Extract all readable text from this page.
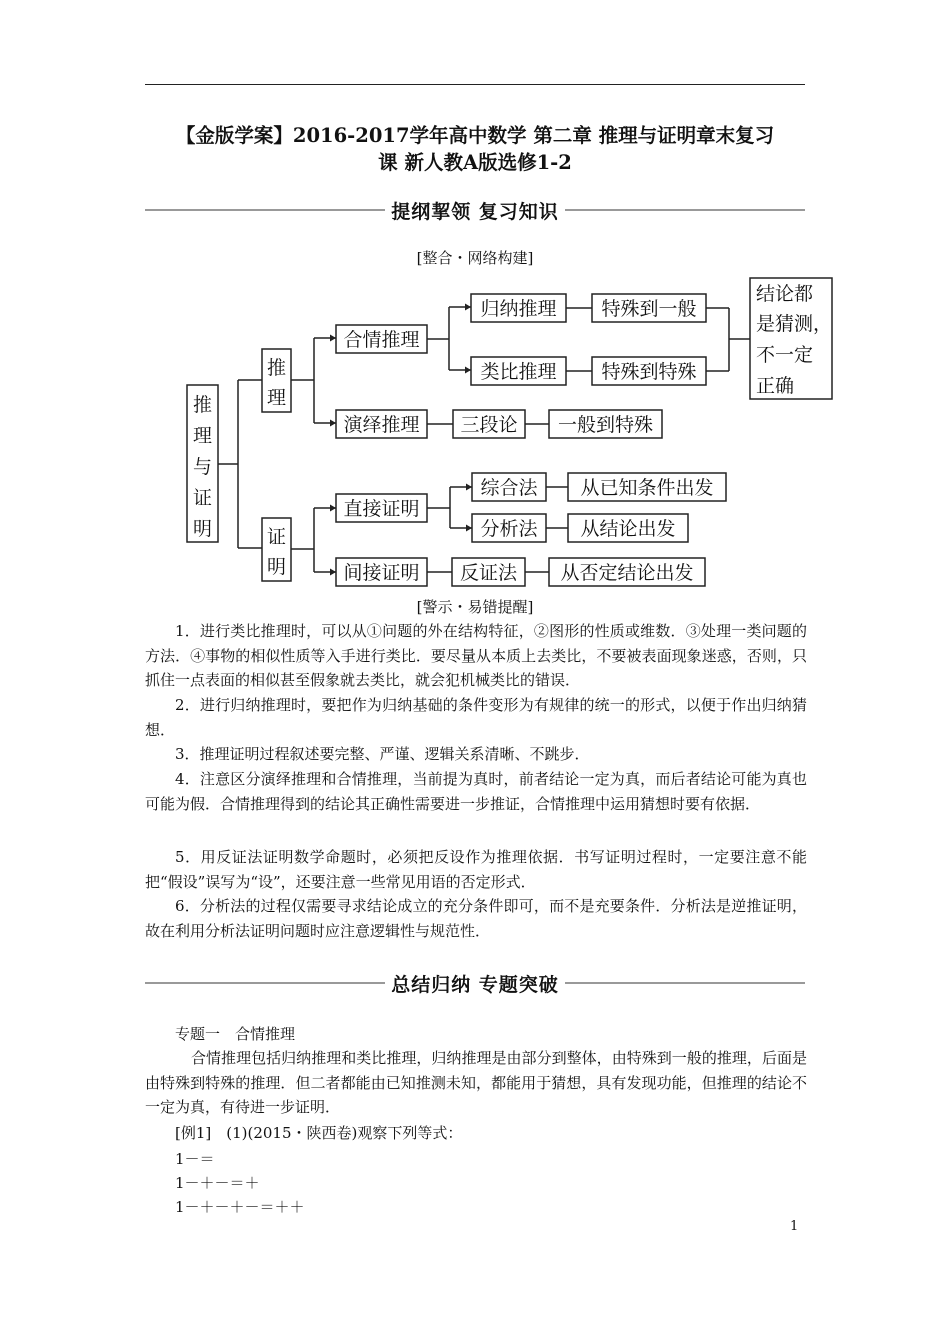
【金版学案】2016-2017学年高中数学 第二章 推理与证明章末复习
课 新人教A版选修1-2
提纲挈领 复习知识
[整合・网络构建]
推
理
与
证
明
推
理
证
明
合情推理
演绎推理
归纳推理
类比推理
特殊到一般
特殊到特殊
结论都
是猜测，
不一定
正确
三段论 一般到特殊
直接证明
间接证明
综合法
分析法
从已知条件出发
从结论出发
反证法 从否定结论出发
[警示・易错提醒]

1．进行类比推理时，可以从①问题的外在结构特征，②图形的性质或维数．③处理一类问题的方法．④事物的相似性质等入手进行类比．要尽量从本质上去类比，不要被表面现象迷惑，否则，只抓住一点表面的相似甚至假象就去类比，就会犯机械类比的错误．

2．进行归纳推理时，要把作为归纳基础的条件变形为有规律的统一的形式，以便于作出归纳猜想．

3．推理证明过程叙述要完整、严谨、逻辑关系清晰、不跳步．

4．注意区分演绎推理和合情推理，当前提为真时，前者结论一定为真，而后者结论可能为真也可能为假．合情推理得到的结论其正确性需要进一步推证，合情推理中运用猜想时要有依据．

5．用反证法证明数学命题时，必须把反设作为推理依据．书写证明过程时，一定要注意不能把“假设”误写为“设”，还要注意一些常见用语的否定形式．

6．分析法的过程仅需要寻求结论成立的充分条件即可，而不是充要条件．分析法是逆推证明，故在利用分析法证明问题时应注意逻辑性与规范性．

总结归纳 专题突破
专题一　合情推理

合情推理包括归纳推理和类比推理，归纳推理是由部分到整体，由特殊到一般的推理，后面是由特殊到特殊的推理．但二者都能由已知推测未知，都能用于猜想，具有发现功能，但推理的结论不一定为真，有待进一步证明．

[例1]　(1)(2015・陕西卷)观察下列等式：
1－＝
1－＋－＝＋
1－＋－＋－＝＋＋
1
